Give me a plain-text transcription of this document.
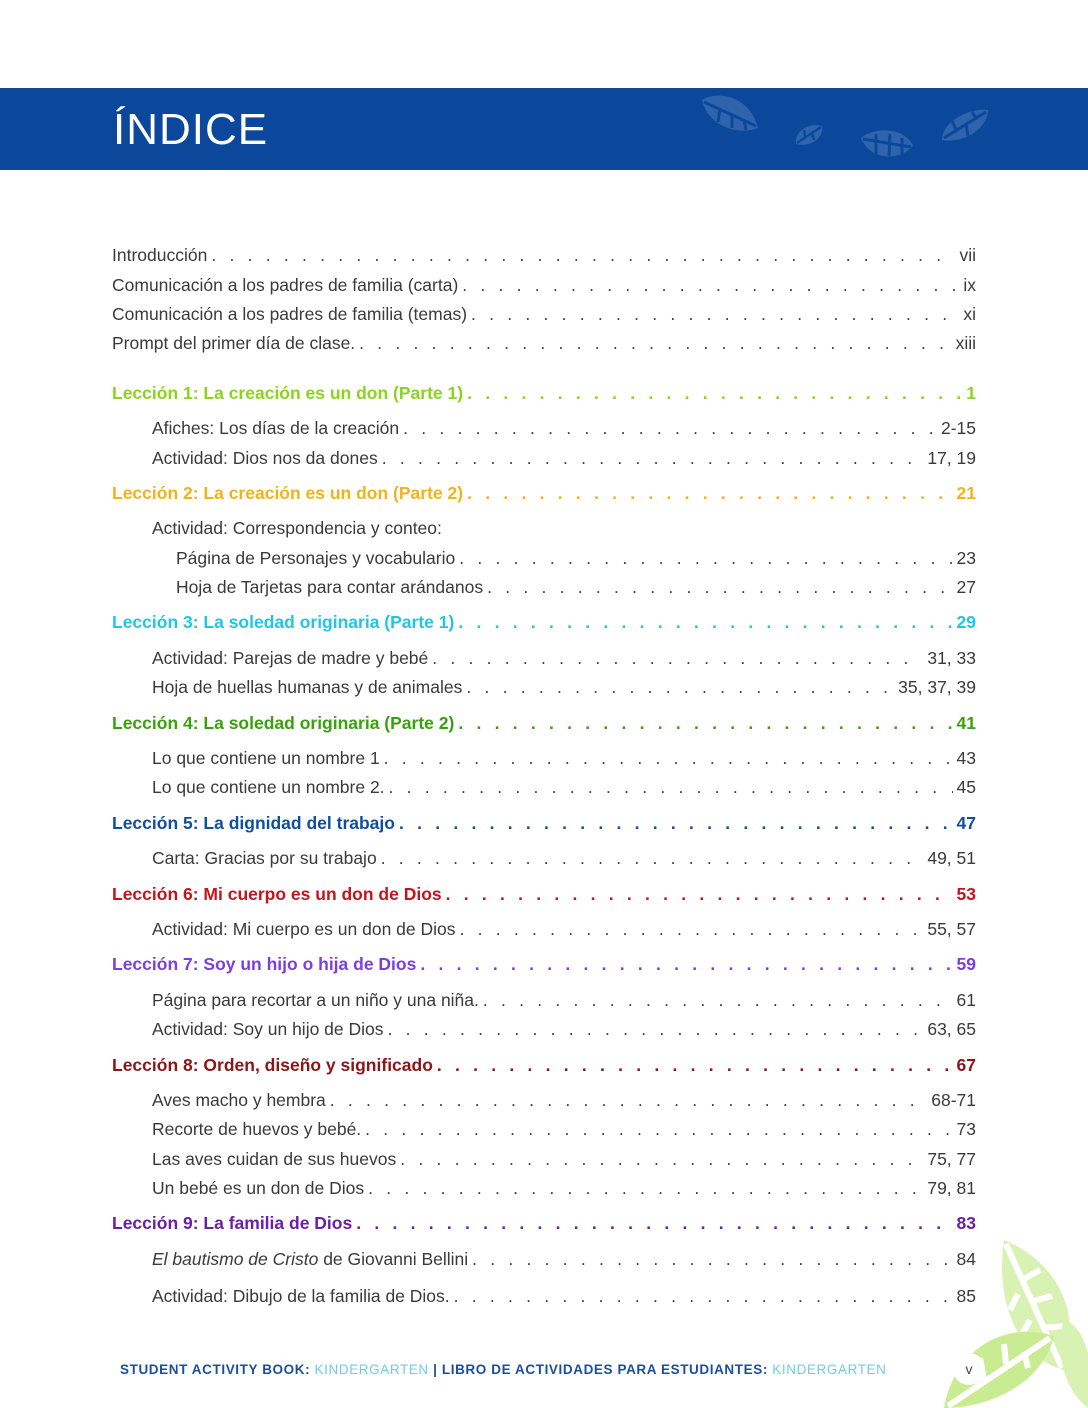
ÍNDICE
Introducción . . .	vii
Comunicación a los padres de familia (carta) . . .	ix
Comunicación a los padres de familia (temas) . . .	xi
Prompt del primer día de clase. . . .	xiii
Lección 1: La creación es un don (Parte 1) . . .	1
Afiches: Los días de la creación . . .	2-15
Actividad: Dios nos da dones . . .	17, 19
Lección 2: La creación es un don (Parte 2) . . .	21
Actividad: Correspondencia y conteo:
Página de Personajes y vocabulario . . .	23
Hoja de Tarjetas para contar arándanos . . .	27
Lección 3: La soledad originaria (Parte 1) . . .	29
Actividad: Parejas de madre y bebé . . .	31, 33
Hoja de huellas humanas y de animales . . .	35, 37, 39
Lección 4: La soledad originaria (Parte 2) . . .	41
Lo que contiene un nombre 1 . . .	43
Lo que contiene un nombre 2. . . .	45
Lección 5: La dignidad del trabajo . . .	47
Carta: Gracias por su trabajo . . .	49, 51
Lección 6: Mi cuerpo es un don de Dios . . .	53
Actividad: Mi cuerpo es un don de Dios . . .	55, 57
Lección 7: Soy un hijo o hija de Dios . . .	59
Página para recortar a un niño y una niña. . . .	61
Actividad: Soy un hijo de Dios . . .	63, 65
Lección 8: Orden, diseño y significado . . .	67
Aves macho y hembra . . .	68-71
Recorte de huevos y bebé. . . .	73
Las aves cuidan de sus huevos . . .	75, 77
Un bebé es un don de Dios . . .	79, 81
Lección 9: La familia de Dios . . .	83
El bautismo de Cristo de Giovanni Bellini . . .	84
Actividad: Dibujo de la familia de Dios. . . .	85
STUDENT ACTIVITY BOOK: KINDERGARTEN | LIBRO DE ACTIVIDADES PARA ESTUDIANTES: KINDERGARTEN	v
